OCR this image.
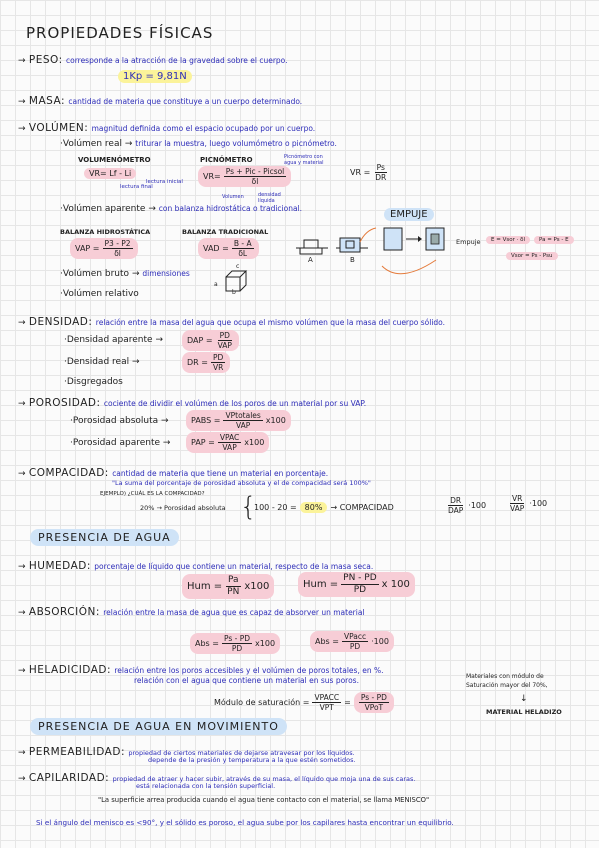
PROPIEDADES FÍSICAS
→ PESO: corresponde a la atracción de la gravedad sobre el cuerpo.
1Kp = 9,81N
→ MASA: cantidad de materia que constituye a un cuerpo determinado.
→ VOLÚMEN: magnitud definida como el espacio ocupado por un cuerpo.
·Volúmen real → triturar la muestra, luego volumómetro o picnómetro.
VOLUMENÓMETRO
VR= Lf - Li
lectura final
lectura inicial
PICNÓMETRO
$VR= \frac{\text{Ps + Pic - Picsol}}{\delta l}$
Picnómetro con agua y material
Volumen	densidad líquida
VR = $\frac{Ps}{DR}$
·Volúmen aparente → con balanza hidrostática o tradicional.
EMPUJE
BALANZA HIDROSTÁTICA	BALANZA TRADICIONAL
VAP = $\frac{P3 - P2}{\delta l}$	VAD = $\frac{B - A}{\delta L}$
A	B
Empuje	E = Vsor · δl	Pa = Ps - E
Vsor = Ps - Psu
·Volúmen bruto → dimensiones
a
b
c
·Volúmen relativo
→ DENSIDAD: relación entre la masa del agua que ocupa el mismo volúmen que la masa del cuerpo sólido.
·Densidad aparente →	DAP = $\frac{PD}{\text{VAP}}$
·Densidad real →	DR = $\frac{PD}{VR}$
·Disgregados
→ POROSIDAD: cociente de dividir el volúmen de los poros de un material por su VAP.
·Porosidad absoluta →	PABS = $\frac{\text{VPtotales}}{\text{VAP}} x100$
·Porosidad aparente →	PAP = $\frac{\text{VPAC}}{\text{VAP}} x100$
→ COMPACIDAD: cantidad de materia que tiene un material en porcentaje.
"La suma del porcentaje de porosidad absoluta y el de compacidad será 100%"
EJEMPLO) ¿CUÁL ES LA COMPACIDAD?
20% → Porosidad absoluta {
100 - 20 =	80%	→ COMPACIDAD	$\frac{DR}{\text{DAP}} \cdot 100$	$\frac{VR}{\text{VAP}} \cdot 100$
PRESENCIA DE AGUA
→ HUMEDAD: porcentaje de líquido que contiene un material, respecto de la masa seca.
Hum = $\frac{Pa}{PN} x100$	Hum = $\frac{PN - PD}{PD}$ x 100
→ ABSORCIÓN: relación entre la masa de agua que es capaz de absorver un material
Abs = $\frac{Ps - PD}{PD} x100$	Abs = $\frac{\text{VPacc}}{PD} \cdot 100$
→ HELADICIDAD: relación entre los poros accesibles y el volúmen de poros totales, en %.
relación con el agua que contiene un material en sus poros.
Módulo de saturación = $\frac{\text{VPACC}}{\text{VPT}} = \frac{Ps - PD}{\text{VPoT}}$
Materiales con módulo de
Saturación mayor del 70%,
↓
MATERIAL HELADIZO
PRESENCIA DE AGUA EN MOVIMIENTO
→ PERMEABILIDAD: propiedad de ciertos materiales de dejarse atravesar por los líquidos.
depende de la presión y temperatura a la que estén sometidos.
→ CAPILARIDAD: propiedad de atraer y hacer subir, através de su masa, el líquido que moja una de sus caras.
está relacionada con la tensión superficial.
"La superficie arrea producida cuando el agua tiene contacto con el material, se llama MENISCO"
Si el ángulo del menisco es <90°, y el sólido es poroso, el agua sube por los capilares hasta encontrar un equilibrio.
